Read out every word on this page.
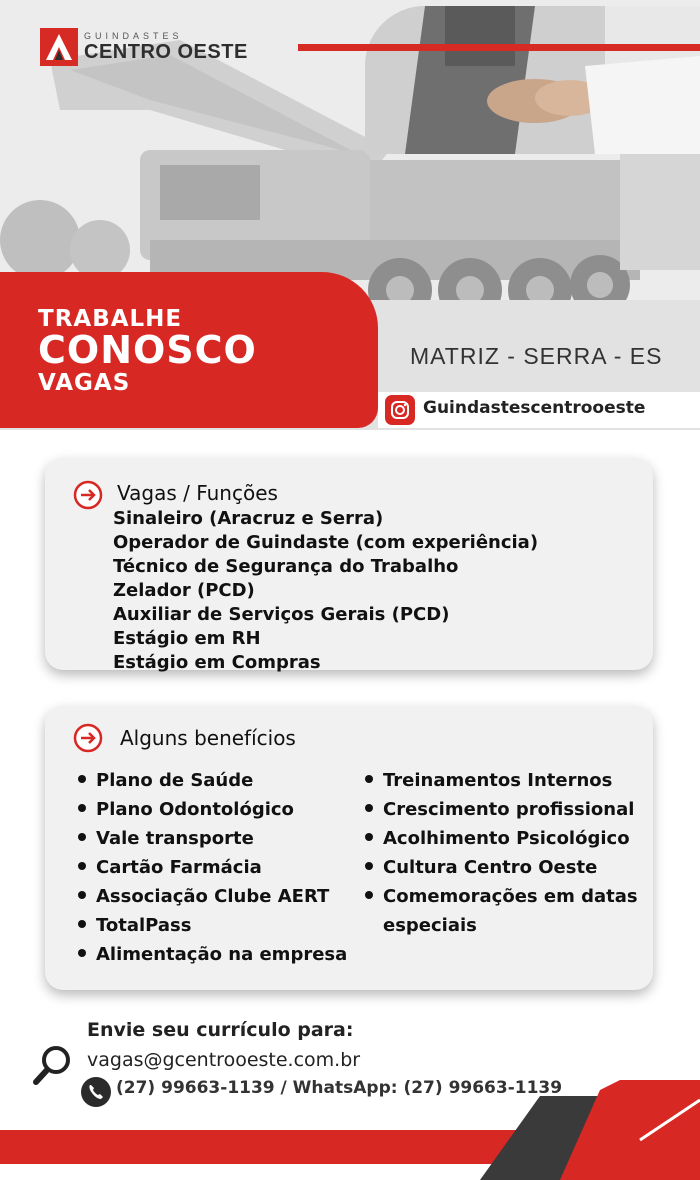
GUINDASTES
CENTRO OESTE
TRABALHE
CONOSCO
VAGAS
MATRIZ - SERRA - ES
Guindastescentrooeste
Vagas / Funções
Sinaleiro (Aracruz e Serra)
Operador de Guindaste (com experiência)
Técnico de Segurança do Trabalho
Zelador (PCD)
Auxiliar de Serviços Gerais (PCD)
Estágio em RH
Estágio em Compras
Alguns benefícios
Plano de Saúde
Plano Odontológico
Vale transporte
Cartão Farmácia
Associação Clube AERT
TotalPass
Alimentação na empresa
Treinamentos Internos
Crescimento profissional
Acolhimento Psicológico
Cultura Centro Oeste
Comemorações em datas
especiais
Envie seu currículo para:
vagas@gcentrooeste.com.br
(27) 99663-1139 / WhatsApp: (27) 99663-1139
